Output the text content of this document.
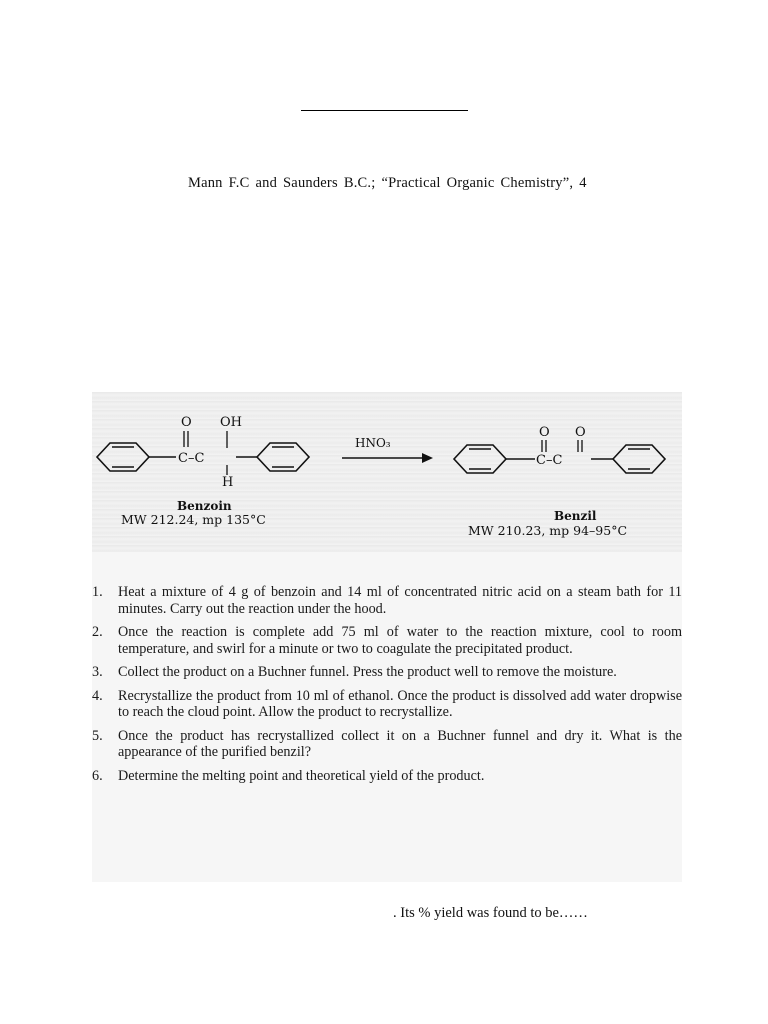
Mann F.C and Saunders B.C.; “Practical Organic Chemistry”, 4
O OH
C–C
H
Benzoin
MW 212.24, mp 135°C
HNO₃
O O
C–C
Benzil
MW 210.23, mp 94–95°C
1. Heat a mixture of 4 g of benzoin and 14 ml of concentrated nitric acid on a steam bath for 11 minutes. Carry out the reaction under the hood.
2. Once the reaction is complete add 75 ml of water to the reaction mixture, cool to room temperature, and swirl for a minute or two to coagulate the precipitated product.
3. Collect the product on a Buchner funnel. Press the product well to remove the moisture.
4. Recrystallize the product from 10 ml of ethanol. Once the product is dissolved add water dropwise to reach the cloud point. Allow the product to recrystallize.
5. Once the product has recrystallized collect it on a Buchner funnel and dry it. What is the appearance of the purified benzil?
6. Determine the melting point and theoretical yield of the product.
. Its % yield was found to be……
